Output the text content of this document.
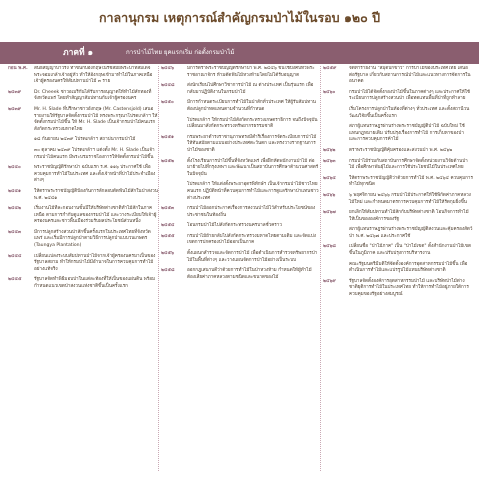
กาลานุกรม เหตุการณ์สำคัญกรมป่าไม้ในรอบ ๑๒๐ ปี
ภาคที่ ๑	การป่าไม้ไทย ยุคแรกเริ่ม ก่อตั้งกรมป่าไม้
ก่อน พ.ศ.	สนธิสัญญาบาวริง ทำขึ้นกับอังกฤษในรัชสมัยพระบาทสมเด็จพระจอมเกล้าเจ้าอยู่หัว ทำให้อังกฤษเข้ามาทำไม้ในภาคเหนือ เจ้าผู้ครองนครให้สัมปทานป่าไม้ ๓ ราย
๒๔๓๙	Dr. Cheeek ชาวอเมริกันได้รับการอนุญาตให้ทำไม้สักทองที่จังหวัดแพร่ โดยทำสัญญาสัมปทานกับเจ้าผู้ครองนคร
๒๔๓๙	Mr. H. Slade ที่ปรึกษาชาวอังกฤษ (Mr. Castensjold) เสนอรายงานให้รัฐบาลจัดตั้งกรมป่าไม้ ทรงพระกรุณาโปรดเกล้าฯ ให้จัดตั้งกรมป่าไม้ขึ้น ให้ Mr. H. Slade เป็นเจ้ากรมป่าไม้คนแรก สังกัดกระทรวงมหาดไทย
๑๘ กันยายน ๒๔๓๙ โปรดเกล้าฯ สถาปนากรมป่าไม้
๓๐ ตุลาคม ๒๔๓๙ โปรดเกล้าฯ แต่งตั้ง Mr. H. Slade เป็นเจ้ากรมป่าไม้คนแรก มีพระบรมราชโองการให้จัดตั้งกรมป่าไม้ขึ้น
๒๔๔๐	พระราชบัญญัติรักษาป่า ฉบับแรก ร.ศ. ๑๑๖ ประกาศใช้ เพื่อควบคุมการทำไม้ในประเทศ และตั้งเจ้าหน้าที่ป่าไม้ประจำเมืองต่างๆ
๒๔๔๑	ให้ตราพระราชบัญญัติป้องกันการลักลอบตัดฟันไม้สักในป่าสงวน พ.ศ. ๒๔๔๑
๒๔๔๒	เริ่มงานไม้ทีละกอบงานขั้นปีให้บริษัทต่างชาติทำไม้สักในภาคเหนือ ตามการกำกับดูแลของกรมป่าไม้ และวางระเบียบให้เจ้าผู้ครองนครและชาวพื้นเมืองร่วมรับผลประโยชน์ส่วนหนึ่ง
๒๔๔๓	มีการปลูกสร้างสวนป่าสักขึ้นครั้งแรกในประเทศไทยที่จังหวัดแพร่ และเริ่มมีการปลูกป่าตามวิธีการปลูกป่าแบบวนเกษตร (Taungya Plantation)
๒๔๔๔	เปลี่ยนแปลงระบบสัมปทานป่าไม้จากเจ้าผู้ครองนครมาเป็นของรัฐบาลสยาม ทำให้กรมป่าไม้มีอำนาจในการควบคุมการทำไม้อย่างแท้จริง
๒๔๔๕	รัฐบาลจัดทำพิธีมอบป่าในแต่ละท้องที่ให้เป็นของแผ่นดิน พร้อมกำหนดแนวเขตป่าสงวนแห่งชาติขึ้นเป็นครั้งแรก
๒๔๔๖	มีการตราพระราชบัญญัติรักษาป่า พ.ศ. ๒๔๔๖ ขึ้นใช้บังคับทั่วพระราชอาณาจักร ห้ามตัดฟันไม้หวงห้ามโดยไม่ได้รับอนุญาต
๒๔๔๘	ส่งนักเรียนไปศึกษาวิชาการป่าไม้ ณ ต่างประเทศ เป็นรุ่นแรก เพื่อกลับมาปฏิบัติงานในกรมป่าไม้
๒๔๕๐	มีการกำหนดระเบียบการทำไม้ในป่าสักทั่วประเทศ ให้ผู้รับสัมปทานต้องปลูกป่าทดแทนตามจำนวนที่กำหนด
โปรดเกล้าฯ ให้กรมป่าไม้สังกัดกระทรวงเกษตราธิการ จนถึงปัจจุบันเปลี่ยนมาสังกัดกระทรวงทรัพยากรธรรมชาติ
๒๔๕๑	กรมพระยาดำรงราชานุภาพทรงมีดำริเรื่องการจัดระเบียบการป่าไม้ให้ทันสมัยตามแบบอย่างประเทศตะวันตก และทรงวางรากฐานการป่าไม้ของชาติ
๒๔๕๒	ตั้งโรงเรียนการป่าไม้ขึ้นที่จังหวัดแพร่ เพื่อฝึกหัดพนักงานป่าไม้ ต่อมาย้ายไปที่กรุงเทพฯ และพัฒนาเป็นสถาบันการศึกษาด้านวนศาสตร์ในปัจจุบัน
โปรดเกล้าฯ ให้แต่งตั้งพระยาอุดรพิทักษ์ฯ เป็นเจ้ากรมป่าไม้ชาวไทยคนแรก ปฏิบัติหน้าที่ควบคุมการทำไม้และการดูแลรักษาป่าแทนชาวต่างประเทศ
๒๔๕๓	กรมป่าไม้ออกประกาศเรื่องการสงวนป่าไม้ไว้สำหรับประโยชน์ของประชาชนในท้องถิ่น
๒๔๕๔	โอนกรมป่าไม้ไปสังกัดกระทรวงนครบาลชั่วคราว
๒๔๕๕	กรมป่าไม้ย้ายกลับไปสังกัดกระทรวงมหาดไทยตามเดิม และจัดแบ่งเขตการปกครองป่าไม้ออกเป็นภาค
๒๔๕๖	ตั้งแผนกสำรวจและจัดการป่าไม้ เพื่อดำเนินการสำรวจทรัพยากรป่าไม้ในพื้นที่ต่างๆ และวางแผนจัดการป่าไม้อย่างเป็นระบบ
๒๔๕๘	ออกกฎเสนาบดีว่าด้วยการทำไม้ในป่าหวงห้าม กำหนดให้ผู้ทำไม้ต้องเสียค่าภาคหลวงตามชนิดและขนาดของไม้
๒๔๕๙	จัดทำรายงาน "สมุดปกขาว" การป่าไม้ของประเทศไทย เสนอต่อรัฐบาล เกี่ยวกับสถานการณ์ป่าไม้และแนวทางการจัดการในอนาคต
๒๔๖๐	กรมป่าไม้ได้จัดตั้งกองป่าไม้ขึ้นในภาคต่างๆ และประกาศให้ใช้ระเบียบการปลูกสร้างสวนป่า เพื่อทดแทนพื้นที่ป่าที่ถูกทำลาย
เริ่มโครงการปลูกป่าในท้องที่ต่างๆ ทั่วประเทศ และตั้งสถานีวนวัฒนวิจัยขึ้นเป็นครั้งแรก
สภาผู้แทนราษฎรผ่านร่างพระราชบัญญัติป่าไม้ ฉบับใหม่ ใช้แทนกฎหมายเดิม ปรับปรุงเรื่องการทำไม้ การเก็บหาของป่า และการควบคุมการค้าไม้
๒๔๖๒	ตราพระราชบัญญัติคุ้มครองและสงวนป่า พ.ศ. ๒๔๖๒
๒๔๖๓	กรมป่าไม้ร่วมกับสถาบันการศึกษาจัดตั้งหน่วยงานวิจัยด้านป่าไม้ เพื่อศึกษาพันธุ์ไม้และการใช้ประโยชน์ไม้ในประเทศไทย
๒๔๖๔	ให้ตราพระราชบัญญัติว่าด้วยการทำไม้ พ.ศ. ๒๔๖๔ ควบคุมการทำไม้ทุกชนิด
๒๔๖๖	๖ พฤศจิกายน ๒๔๖๖ กรมป่าไม้ประกาศให้ใช้พิกัดค่าภาคหลวงไม้ใหม่ และกำหนดมาตรการควบคุมการทำไม้ให้รัดกุมยิ่งขึ้น
๒๔๖๗	ยกเลิกให้สัมปทานทำไม้สักกับบริษัทต่างชาติ โอนกิจการทำไม้ให้เป็นขององค์การของรัฐ
สภาผู้แทนราษฎรผ่านร่างพระราชบัญญัติสงวนและคุ้มครองสัตว์ป่า พ.ศ. ๒๔๖๗ และประกาศใช้
๒๔๖๘	เปลี่ยนชื่อ "ป่าไม้ภาค" เป็น "ป่าไม้เขต" ตั้งสำนักงานป่าไม้เขตขึ้นในภูมิภาค และปรับปรุงการบริหารงาน
คณะรัฐมนตรีมีมติให้จัดตั้งองค์การอุตสาหกรรมป่าไม้ขึ้น เพื่อดำเนินการทำไม้และแปรรูปไม้แทนบริษัทต่างชาติ
๒๔๖๙	รัฐบาลจัดตั้งองค์การอุตสาหกรรมป่าไม้ และบริษัทป่าไม้ต่างชาติยุติการทำไม้ในประเทศไทย ทำให้การทำไม้อยู่ภายใต้การควบคุมของรัฐอย่างสมบูรณ์
